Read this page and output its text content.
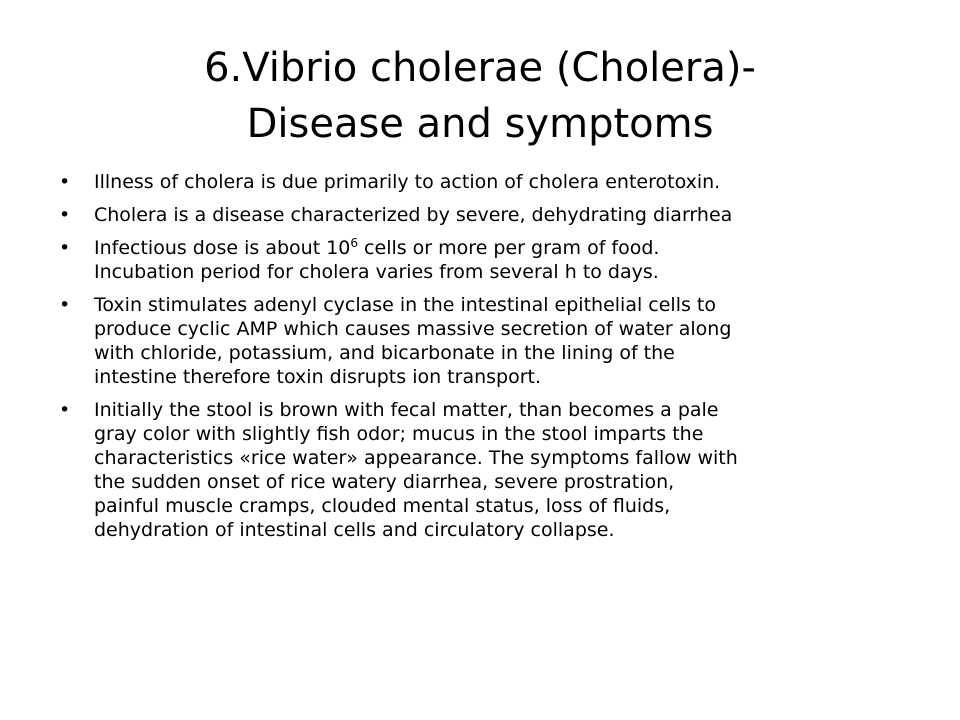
6.Vibrio cholerae (Cholera)-
Disease and symptoms
• Illness of cholera is due primarily to action of cholera enterotoxin.
• Cholera is a disease characterized by severe, dehydrating diarrhea
• Infectious dose is about $10^6$ cells or more per gram of food.
Incubation period for cholera varies from several h to days.
• Toxin stimulates adenyl cyclase in the intestinal epithelial cells to
produce cyclic AMP which causes massive secretion of water along
with chloride, potassium, and bicarbonate in the lining of the
intestine therefore toxin disrupts ion transport.
• Initially the stool is brown with fecal matter, than becomes a pale
gray color with slightly fish odor; mucus in the stool imparts the
characteristics «rice water» appearance. The symptoms fallow with
the sudden onset of rice watery diarrhea, severe prostration,
painful muscle cramps, clouded mental status, loss of fluids,
dehydration of intestinal cells and circulatory collapse.
